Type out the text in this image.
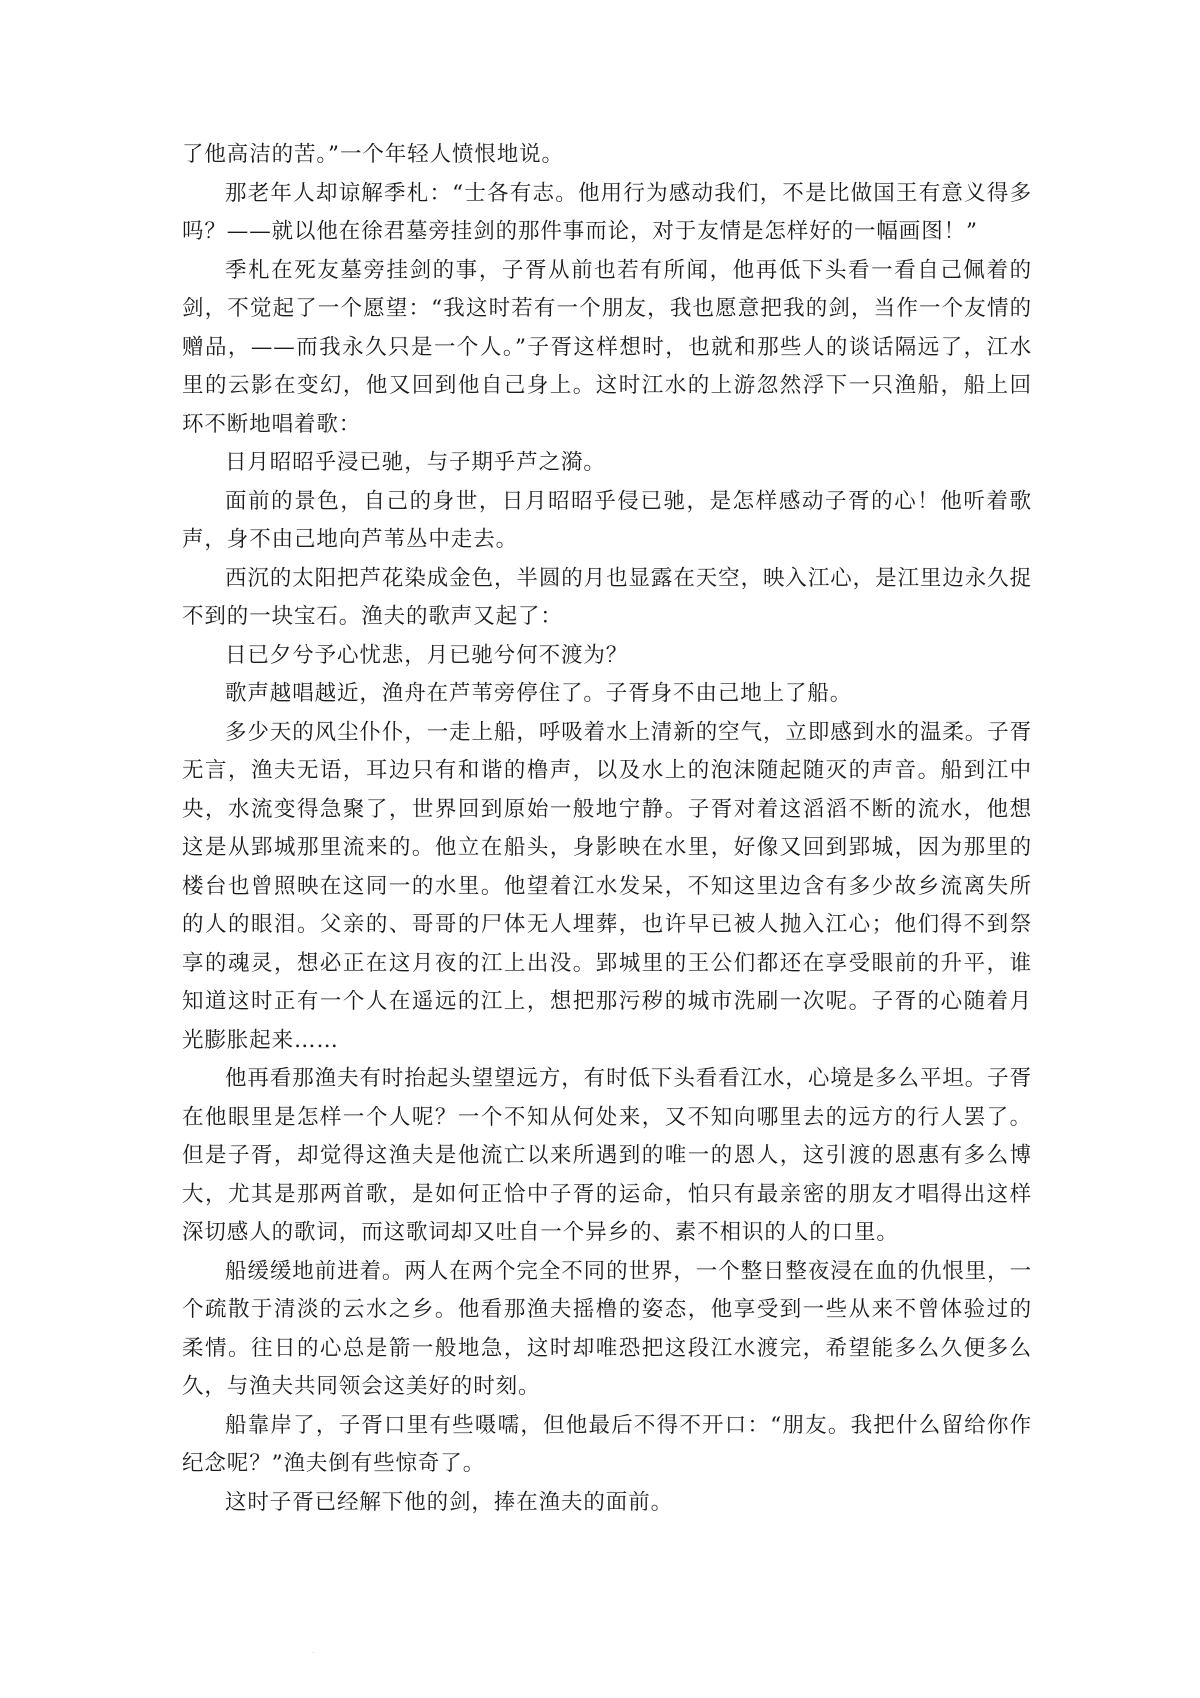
了他高洁的苦。”一个年轻人愤恨地说。

那老年人却谅解季札：“士各有志。他用行为感动我们，不是比做国王有意义得多吗？——就以他在徐君墓旁挂剑的那件事而论，对于友情是怎样好的一幅画图！”

季札在死友墓旁挂剑的事，子胥从前也若有所闻，他再低下头看一看自己佩着的剑，不觉起了一个愿望：“我这时若有一个朋友，我也愿意把我的剑，当作一个友情的赠品，——而我永久只是一个人。”子胥这样想时，也就和那些人的谈话隔远了，江水里的云影在变幻，他又回到他自己身上。这时江水的上游忽然浮下一只渔船，船上回环不断地唱着歌：

日月昭昭乎浸已驰，与子期乎芦之漪。

面前的景色，自己的身世，日月昭昭乎侵已驰，是怎样感动子胥的心！他听着歌声，身不由己地向芦苇丛中走去。

西沉的太阳把芦花染成金色，半圆的月也显露在天空，映入江心，是江里边永久捉不到的一块宝石。渔夫的歌声又起了：

日已夕兮予心忧悲，月已驰兮何不渡为？

歌声越唱越近，渔舟在芦苇旁停住了。子胥身不由己地上了船。

多少天的风尘仆仆，一走上船，呼吸着水上清新的空气，立即感到水的温柔。子胥无言，渔夫无语，耳边只有和谐的橹声，以及水上的泡沫随起随灭的声音。船到江中央，水流变得急聚了，世界回到原始一般地宁静。子胥对着这滔滔不断的流水，他想这是从郢城那里流来的。他立在船头，身影映在水里，好像又回到郢城，因为那里的楼台也曾照映在这同一的水里。他望着江水发呆，不知这里边含有多少故乡流离失所的人的眼泪。父亲的、哥哥的尸体无人埋葬，也许早已被人抛入江心；他们得不到祭享的魂灵，想必正在这月夜的江上出没。郢城里的王公们都还在享受眼前的升平，谁知道这时正有一个人在遥远的江上，想把那污秽的城市洗刷一次呢。子胥的心随着月光膨胀起来……

他再看那渔夫有时抬起头望望远方，有时低下头看看江水，心境是多么平坦。子胥在他眼里是怎样一个人呢？一个不知从何处来，又不知向哪里去的远方的行人罢了。但是子胥，却觉得这渔夫是他流亡以来所遇到的唯一的恩人，这引渡的恩惠有多么博大，尤其是那两首歌，是如何正恰中子胥的运命，怕只有最亲密的朋友才唱得出这样深切感人的歌词，而这歌词却又吐自一个异乡的、素不相识的人的口里。

船缓缓地前进着。两人在两个完全不同的世界，一个整日整夜浸在血的仇恨里，一个疏散于清淡的云水之乡。他看那渔夫摇橹的姿态，他享受到一些从来不曾体验过的柔情。往日的心总是箭一般地急，这时却唯恐把这段江水渡完，希望能多么久便多么久，与渔夫共同领会这美好的时刻。

船靠岸了，子胥口里有些嗫嚅，但他最后不得不开口：“朋友。我把什么留给你作纪念呢？”渔夫倒有些惊奇了。

这时子胥已经解下他的剑，捧在渔夫的面前。

·
